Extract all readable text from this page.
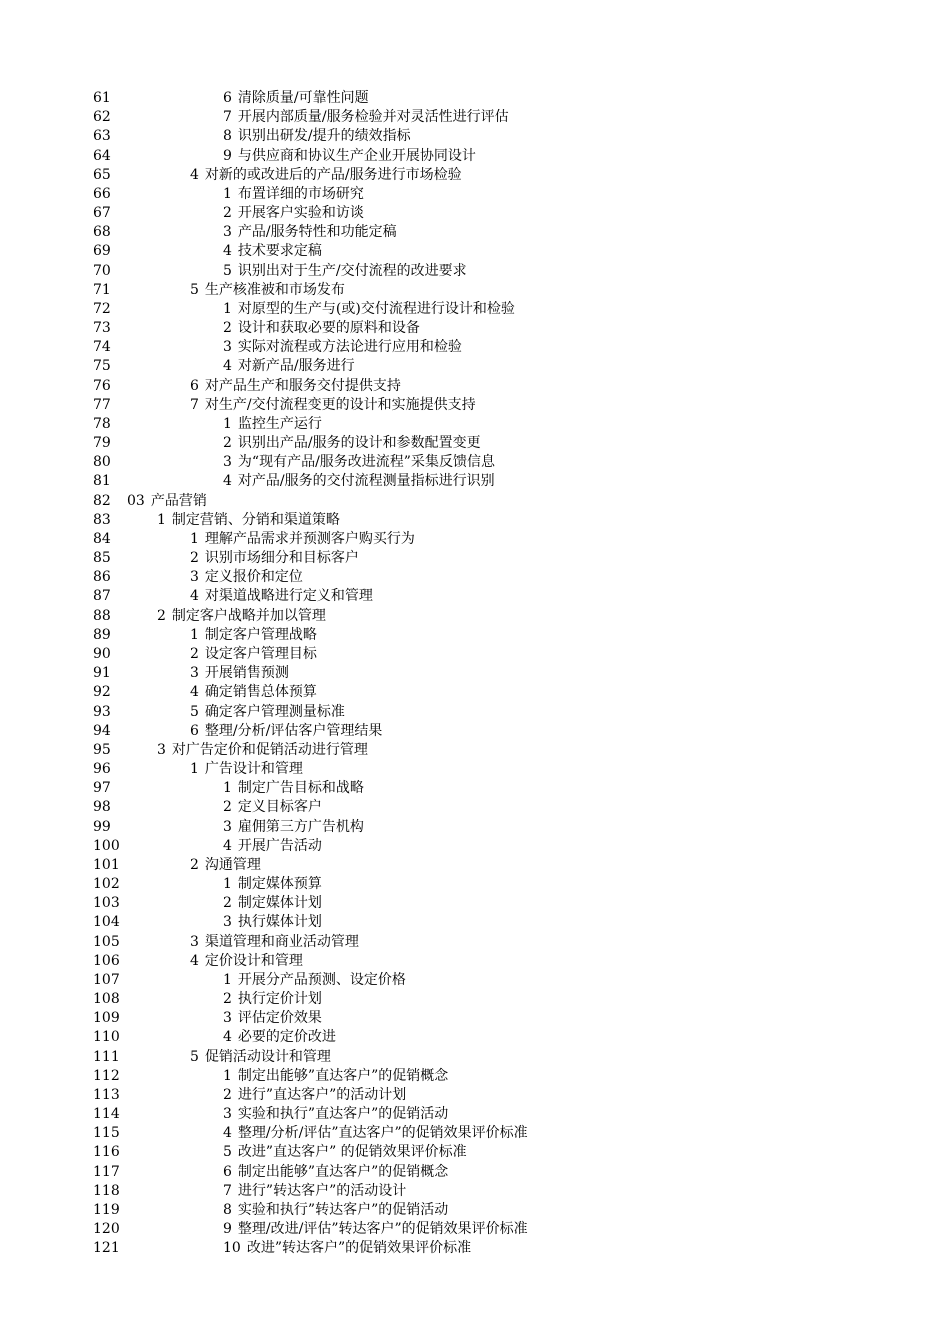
61	6 清除质量/可靠性问题
62	7 开展内部质量/服务检验并对灵活性进行评估
63	8 识别出研发/提升的绩效指标
64	9 与供应商和协议生产企业开展协同设计
65	4 对新的或改进后的产品/服务进行市场检验
66	1 布置详细的市场研究
67	2 开展客户实验和访谈
68	3 产品/服务特性和功能定稿
69	4 技术要求定稿
70	5 识别出对于生产/交付流程的改进要求
71	5 生产核准被和市场发布
72	1 对原型的生产与(或)交付流程进行设计和检验
73	2 设计和获取必要的原料和设备
74	3 实际对流程或方法论进行应用和检验
75	4 对新产品/服务进行
76	6 对产品生产和服务交付提供支持
77	7 对生产/交付流程变更的设计和实施提供支持
78	1 监控生产运行
79	2 识别出产品/服务的设计和参数配置变更
80	3 为“现有产品/服务改进流程”采集反馈信息
81	4 对产品/服务的交付流程测量指标进行识别
82 03 产品营销
83	1 制定营销、分销和渠道策略
84	1 理解产品需求并预测客户购买行为
85	2 识别市场细分和目标客户
86	3 定义报价和定位
87	4 对渠道战略进行定义和管理
88	2 制定客户战略并加以管理
89	1 制定客户管理战略
90	2 设定客户管理目标
91	3 开展销售预测
92	4 确定销售总体预算
93	5 确定客户管理测量标准
94	6 整理/分析/评估客户管理结果
95	3 对广告定价和促销活动进行管理
96	1 广告设计和管理
97	1 制定广告目标和战略
98	2 定义目标客户
99	3 雇佣第三方广告机构
100	4 开展广告活动
101	2 沟通管理
102	1 制定媒体预算
103	2 制定媒体计划
104	3 执行媒体计划
105	3 渠道管理和商业活动管理
106	4 定价设计和管理
107	1 开展分产品预测、设定价格
108	2 执行定价计划
109	3 评估定价效果
110	4 必要的定价改进
111	5 促销活动设计和管理
112	1 制定出能够”直达客户”的促销概念
113	2 进行”直达客户”的活动计划
114	3 实验和执行”直达客户”的促销活动
115	4 整理/分析/评估”直达客户”的促销效果评价标准
116	5 改进”直达客户” 的促销效果评价标准
117	6 制定出能够”直达客户”的促销概念
118	7 进行”转达客户”的活动设计
119	8 实验和执行”转达客户”的促销活动
120	9 整理/改进/评估”转达客户”的促销效果评价标准
121	10 改进”转达客户”的促销效果评价标准
